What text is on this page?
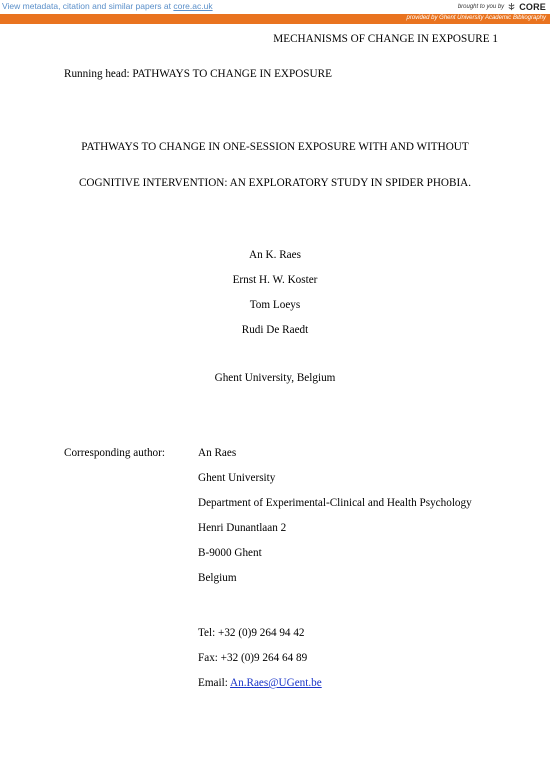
View metadata, citation and similar papers at core.ac.uk	brought to you by CORE
provided by Ghent University Academic Bibliography
MECHANISMS OF CHANGE IN EXPOSURE 1
Running head: PATHWAYS TO CHANGE IN EXPOSURE
PATHWAYS TO CHANGE IN ONE-SESSION EXPOSURE WITH AND WITHOUT
COGNITIVE INTERVENTION: AN EXPLORATORY STUDY IN SPIDER PHOBIA.
An K. Raes
Ernst H. W. Koster
Tom Loeys
Rudi De Raedt
Ghent University, Belgium
Corresponding author:	An Raes
Ghent University
Department of Experimental-Clinical and Health Psychology
Henri Dunantlaan 2
B-9000 Ghent
Belgium
Tel: +32 (0)9 264 94 42
Fax: +32 (0)9 264 64 89
Email: An.Raes@UGent.be
